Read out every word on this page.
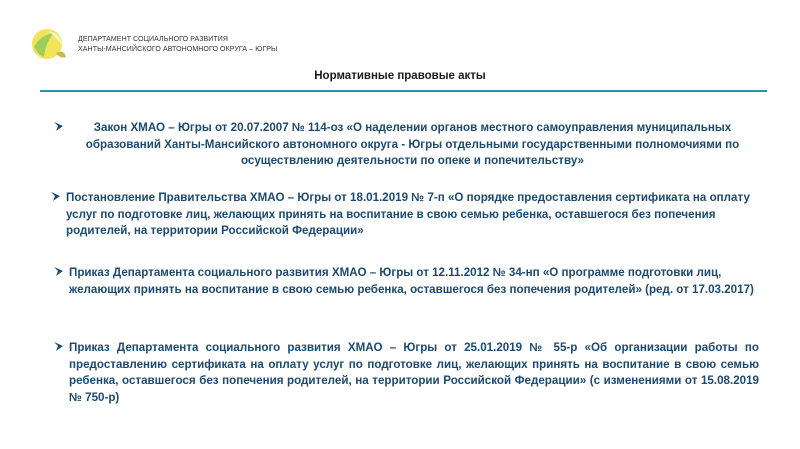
ДЕПАРТАМЕНТ СОЦИАЛЬНОГО РАЗВИТИЯ
ХАНТЫ-МАНСИЙСКОГО АВТОНОМНОГО ОКРУГА – ЮГРЫ
Нормативные правовые акты
Закон ХМАО – Югры от 20.07.2007 № 114-оз «О наделении органов местного самоуправления муниципальных образований Ханты-Мансийского автономного округа - Югры отдельными государственными полномочиями по осуществлению деятельности по опеке и попечительству»
Постановление Правительства ХМАО – Югры от 18.01.2019 № 7-п «О порядке предоставления сертификата на оплату услуг по подготовке лиц, желающих принять на воспитание в свою семью ребенка, оставшегося без попечения родителей, на территории Российской Федерации»
Приказ Департамента социального развития ХМАО – Югры от 12.11.2012 № 34-нп «О программе подготовки лиц, желающих принять на воспитание в свою семью ребенка, оставшегося без попечения родителей» (ред. от 17.03.2017)
Приказ Департамента социального развития ХМАО – Югры от 25.01.2019 № 55-р «Об организации работы по предоставлению сертификата на оплату услуг по подготовке лиц, желающих принять на воспитание в свою семью ребенка, оставшегося без попечения родителей, на территории Российской Федерации» (с изменениями от 15.08.2019 № 750-р)
